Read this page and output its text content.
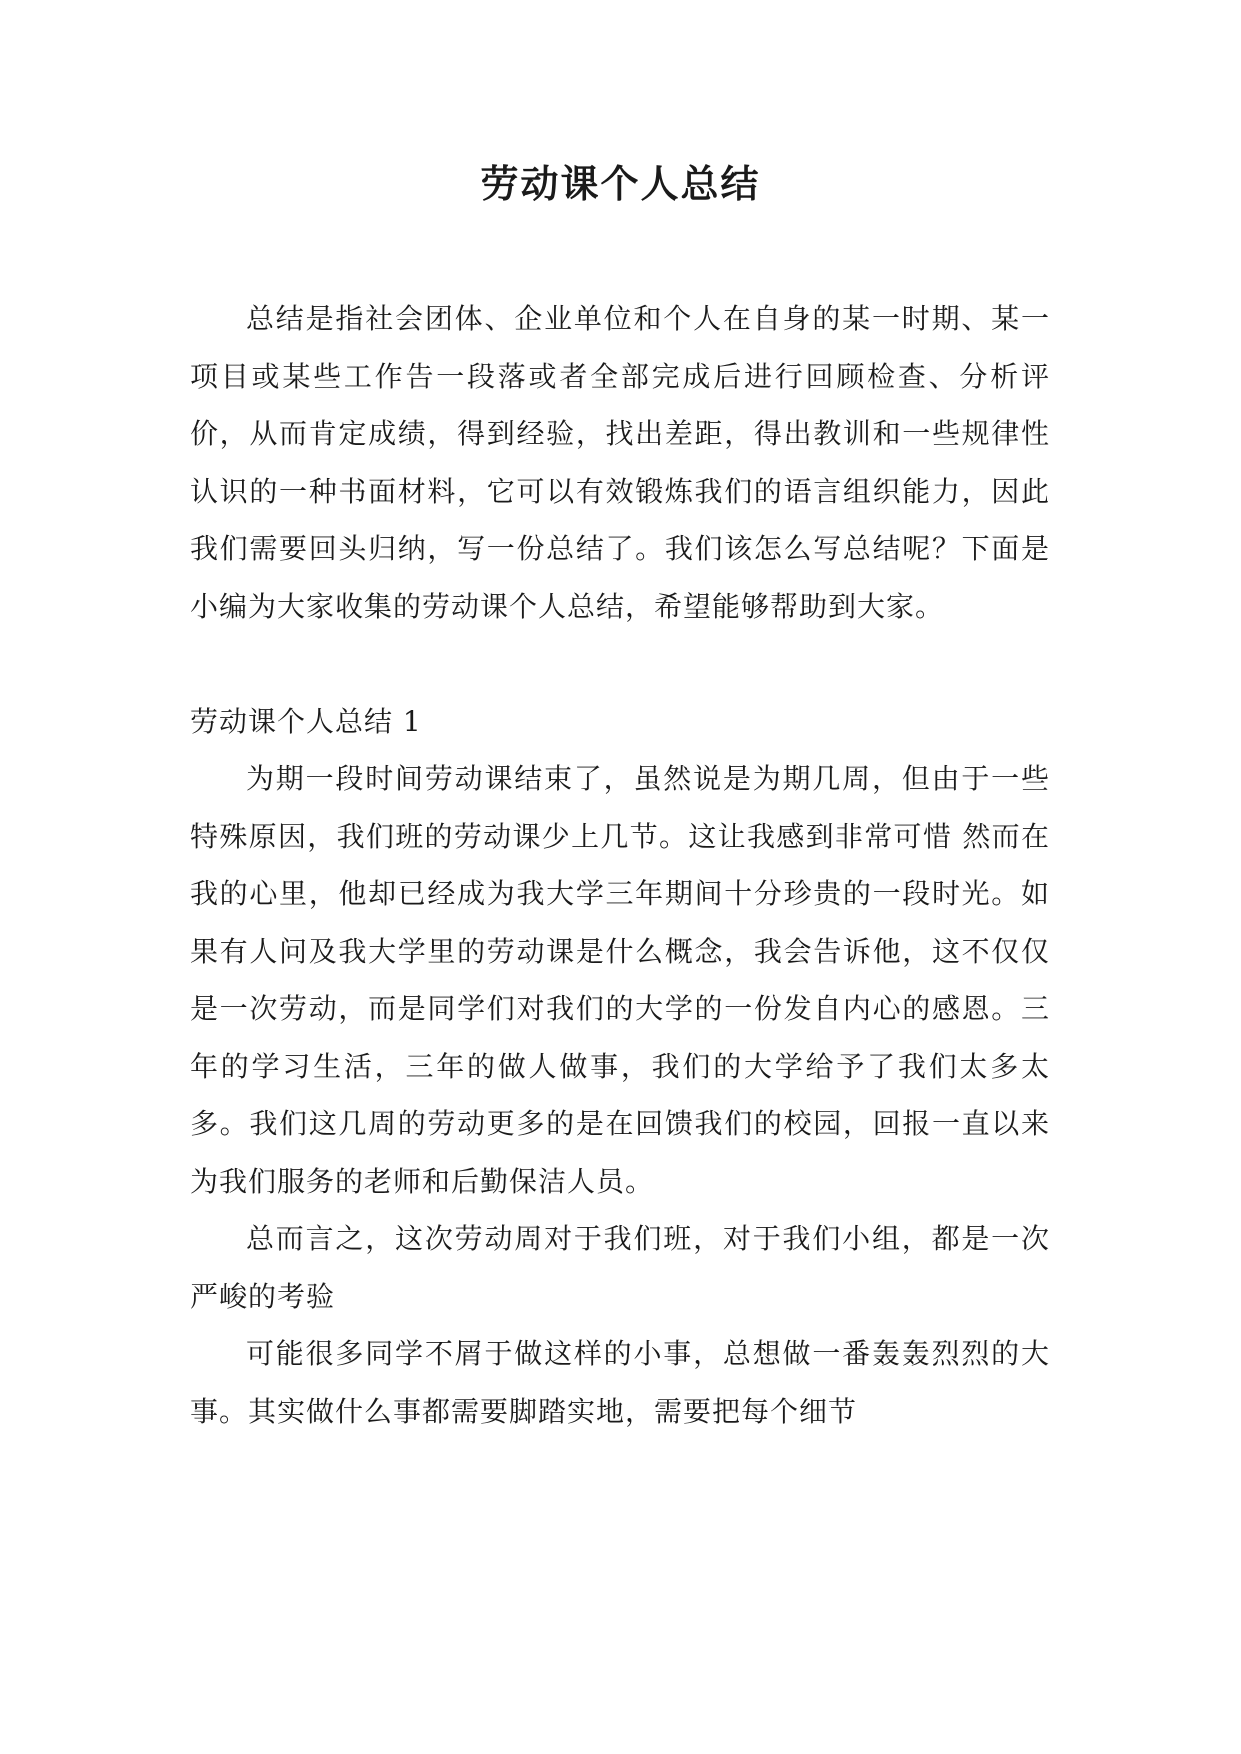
劳动课个人总结

总结是指社会团体、企业单位和个人在自身的某一时期、某一项目或某些工作告一段落或者全部完成后进行回顾检查、分析评价，从而肯定成绩，得到经验，找出差距，得出教训和一些规律性认识的一种书面材料，它可以有效锻炼我们的语言组织能力，因此我们需要回头归纳，写一份总结了。我们该怎么写总结呢？下面是小编为大家收集的劳动课个人总结，希望能够帮助到大家。

劳动课个人总结 1

为期一段时间劳动课结束了，虽然说是为期几周，但由于一些特殊原因，我们班的劳动课少上几节。这让我感到非常可惜 然而在我的心里，他却已经成为我大学三年期间十分珍贵的一段时光。如果有人问及我大学里的劳动课是什么概念，我会告诉他，这不仅仅是一次劳动，而是同学们对我们的大学的一份发自内心的感恩。三年的学习生活，三年的做人做事，我们的大学给予了我们太多太多。我们这几周的劳动更多的是在回馈我们的校园，回报一直以来为我们服务的老师和后勤保洁人员。

总而言之，这次劳动周对于我们班，对于我们小组，都是一次严峻的考验

可能很多同学不屑于做这样的小事，总想做一番轰轰烈烈的大事。其实做什么事都需要脚踏实地，需要把每个细节
